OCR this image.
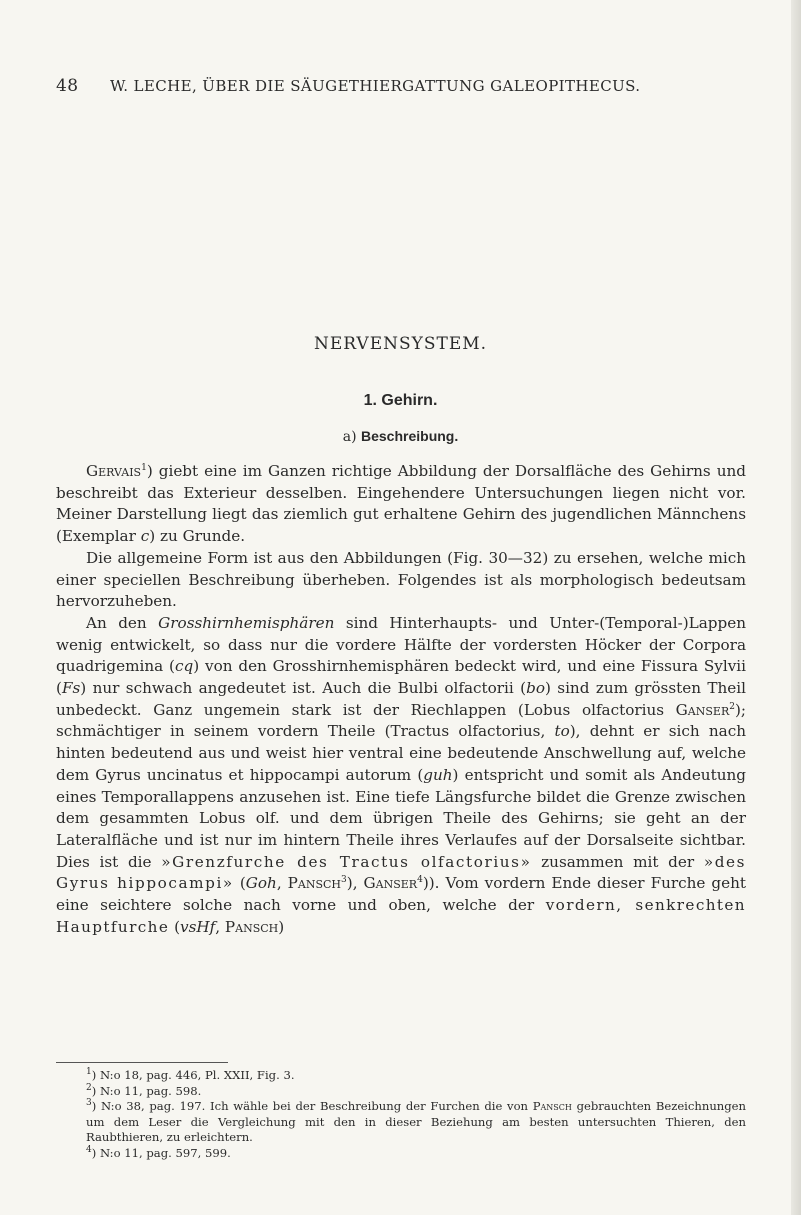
48 W. LECHE, ÜBER DIE SÄUGETHIERGATTUNG GALEOPITHECUS.
NERVENSYSTEM.
1. Gehirn.
a) Beschreibung.

Gervais$^1$) giebt eine im Ganzen richtige Abbildung der Dorsalfläche des Gehirns und beschreibt das Exterieur desselben. Eingehendere Untersuchungen liegen nicht vor. Meiner Darstellung liegt das ziemlich gut erhaltene Gehirn des jugendlichen Männchens (Exemplar c) zu Grunde.

Die allgemeine Form ist aus den Abbildungen (Fig. 30—32) zu ersehen, welche mich einer speciellen Beschreibung überheben. Folgendes ist als morphologisch bedeutsam hervorzuheben.

An den Grosshirnhemisphären sind Hinterhaupts- und Unter-(Temporal-)Lappen wenig entwickelt, so dass nur die vordere Hälfte der vordersten Höcker der Corpora quadrigemina (cq) von den Grosshirnhemisphären bedeckt wird, und eine Fissura Sylvii (Fs) nur schwach angedeutet ist. Auch die Bulbi olfactorii (bo) sind zum grössten Theil unbedeckt. Ganz ungemein stark ist der Riechlappen (Lobus olfactorius Ganser$^2$); schmächtiger in seinem vordern Theile (Tractus olfactorius, to), dehnt er sich nach hinten bedeutend aus und weist hier ventral eine bedeutende Anschwellung auf, welche dem Gyrus uncinatus et hippocampi autorum (guh) entspricht und somit als Andeutung eines Temporallappens anzusehen ist. Eine tiefe Längsfurche bildet die Grenze zwischen dem gesammten Lobus olf. und dem übrigen Theile des Gehirns; sie geht an der Lateralfläche und ist nur im hintern Theile ihres Verlaufes auf der Dorsalseite sichtbar. Dies ist die »Grenzfurche des Tractus olfactorius» zusammen mit der »des Gyrus hippocampi» (Goh, Pansch$^3$), Ganser$^4$)). Vom vordern Ende dieser Furche geht eine seichtere solche nach vorne und oben, welche der vordern, senkrechten Hauptfurche (vsHf, Pansch)

$^1$) N:o 18, pag. 446, Pl. XXII, Fig. 3.

$^2$) N:o 11, pag. 598.

$^3$) N:o 38, pag. 197. Ich wähle bei der Beschreibung der Furchen die von Pansch gebrauchten Bezeichnungen um dem Leser die Vergleichung mit den in dieser Beziehung am besten untersuchten Thieren, den Raubthieren, zu erleichtern.

$^4$) N:o 11, pag. 597, 599.
